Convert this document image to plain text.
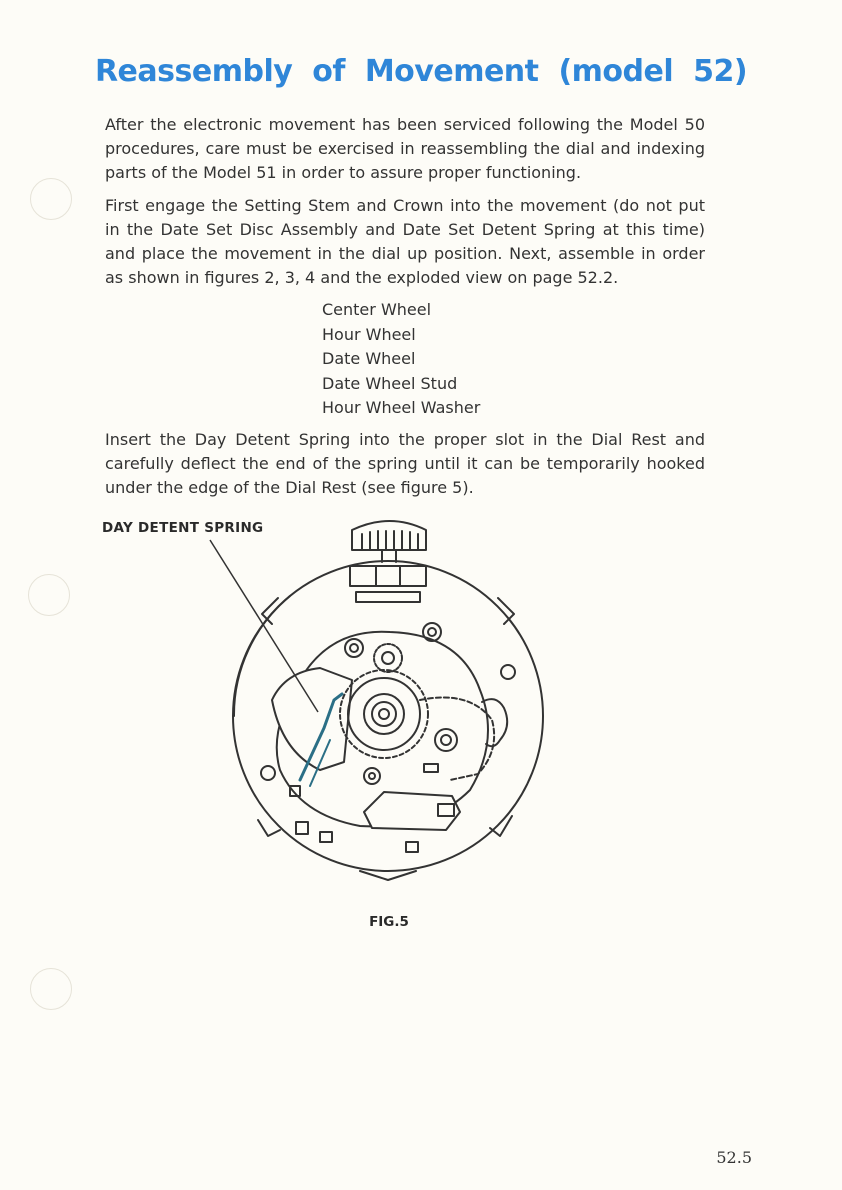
Reassembly of Movement (model 52)

After the electronic movement has been serviced following the Model 50 procedures, care must be exercised in reassembling the dial and indexing parts of the Model 51 in order to assure proper functioning.

First engage the Setting Stem and Crown into the movement (do not put in the Date Set Disc Assembly and Date Set Detent Spring at this time) and place the movement in the dial up position. Next, assemble in order as shown in figures 2, 3, 4 and the exploded view on page 52.2.

Center Wheel
Hour Wheel
Date Wheel
Date Wheel Stud
Hour Wheel Washer

Insert the Day Detent Spring into the proper slot in the Dial Rest and carefully deflect the end of the spring until it can be temporarily hooked under the edge of the Dial Rest (see figure 5).

DAY DETENT SPRING
FIG.5
52.5
